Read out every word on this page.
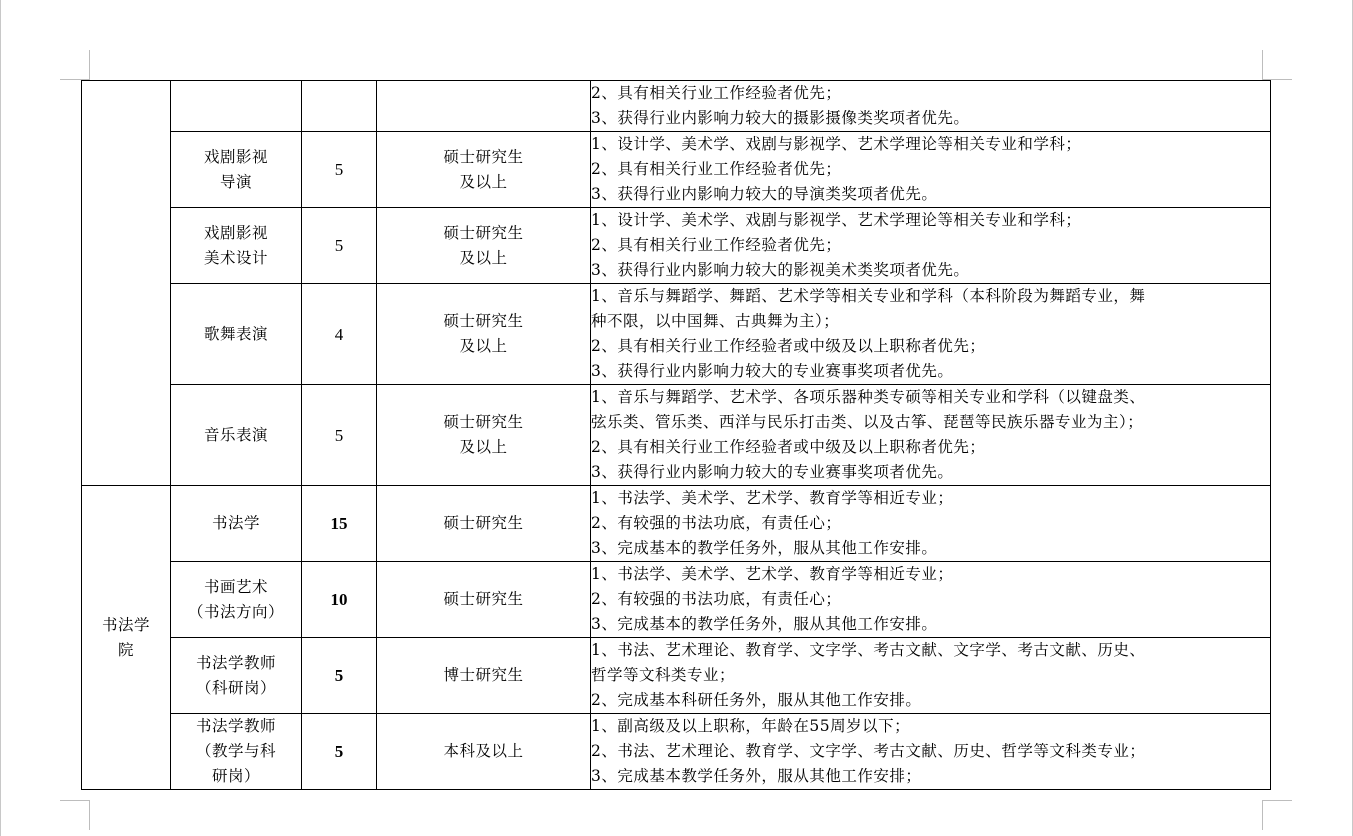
				2、具有相关行业工作经验者优先；
3、获得行业内影响力较大的摄影摄像类奖项者优先。

	戏剧影视
导演	5	硕士研究生
及以上	1、设计学、美术学、戏剧与影视学、艺术学理论等相关专业和学科；
2、具有相关行业工作经验者优先；
3、获得行业内影响力较大的导演类奖项者优先。

	戏剧影视
美术设计	5	硕士研究生
及以上	1、设计学、美术学、戏剧与影视学、艺术学理论等相关专业和学科；
2、具有相关行业工作经验者优先；
3、获得行业内影响力较大的影视美术类奖项者优先。

	歌舞表演	4	硕士研究生
及以上	1、音乐与舞蹈学、舞蹈、艺术学等相关专业和学科（本科阶段为舞蹈专业，舞
种不限，以中国舞、古典舞为主）；
2、具有相关行业工作经验者或中级及以上职称者优先；
3、获得行业内影响力较大的专业赛事奖项者优先。

	音乐表演	5	硕士研究生
及以上	1、音乐与舞蹈学、艺术学、各项乐器种类专硕等相关专业和学科（以键盘类、
弦乐类、管乐类、西洋与民乐打击类、以及古筝、琵琶等民族乐器专业为主）；
2、具有相关行业工作经验者或中级及以上职称者优先；
3、获得行业内影响力较大的专业赛事奖项者优先。

书法学
院	书法学	15	硕士研究生	1、书法学、美术学、艺术学、教育学等相近专业；
2、有较强的书法功底，有责任心；
3、完成基本的教学任务外，服从其他工作安排。

	书画艺术
（书法方向）	10	硕士研究生	1、书法学、美术学、艺术学、教育学等相近专业；
2、有较强的书法功底，有责任心；
3、完成基本的教学任务外，服从其他工作安排。

	书法学教师
（科研岗）	5	博士研究生	1、书法、艺术理论、教育学、文字学、考古文献、文字学、考古文献、历史、
哲学等文科类专业；
2、完成基本科研任务外，服从其他工作安排。

	书法学教师
（教学与科
研岗）	5	本科及以上	1、副高级及以上职称，年龄在55周岁以下；
2、书法、艺术理论、教育学、文字学、考古文献、历史、哲学等文科类专业；
3、完成基本教学任务外，服从其他工作安排；
